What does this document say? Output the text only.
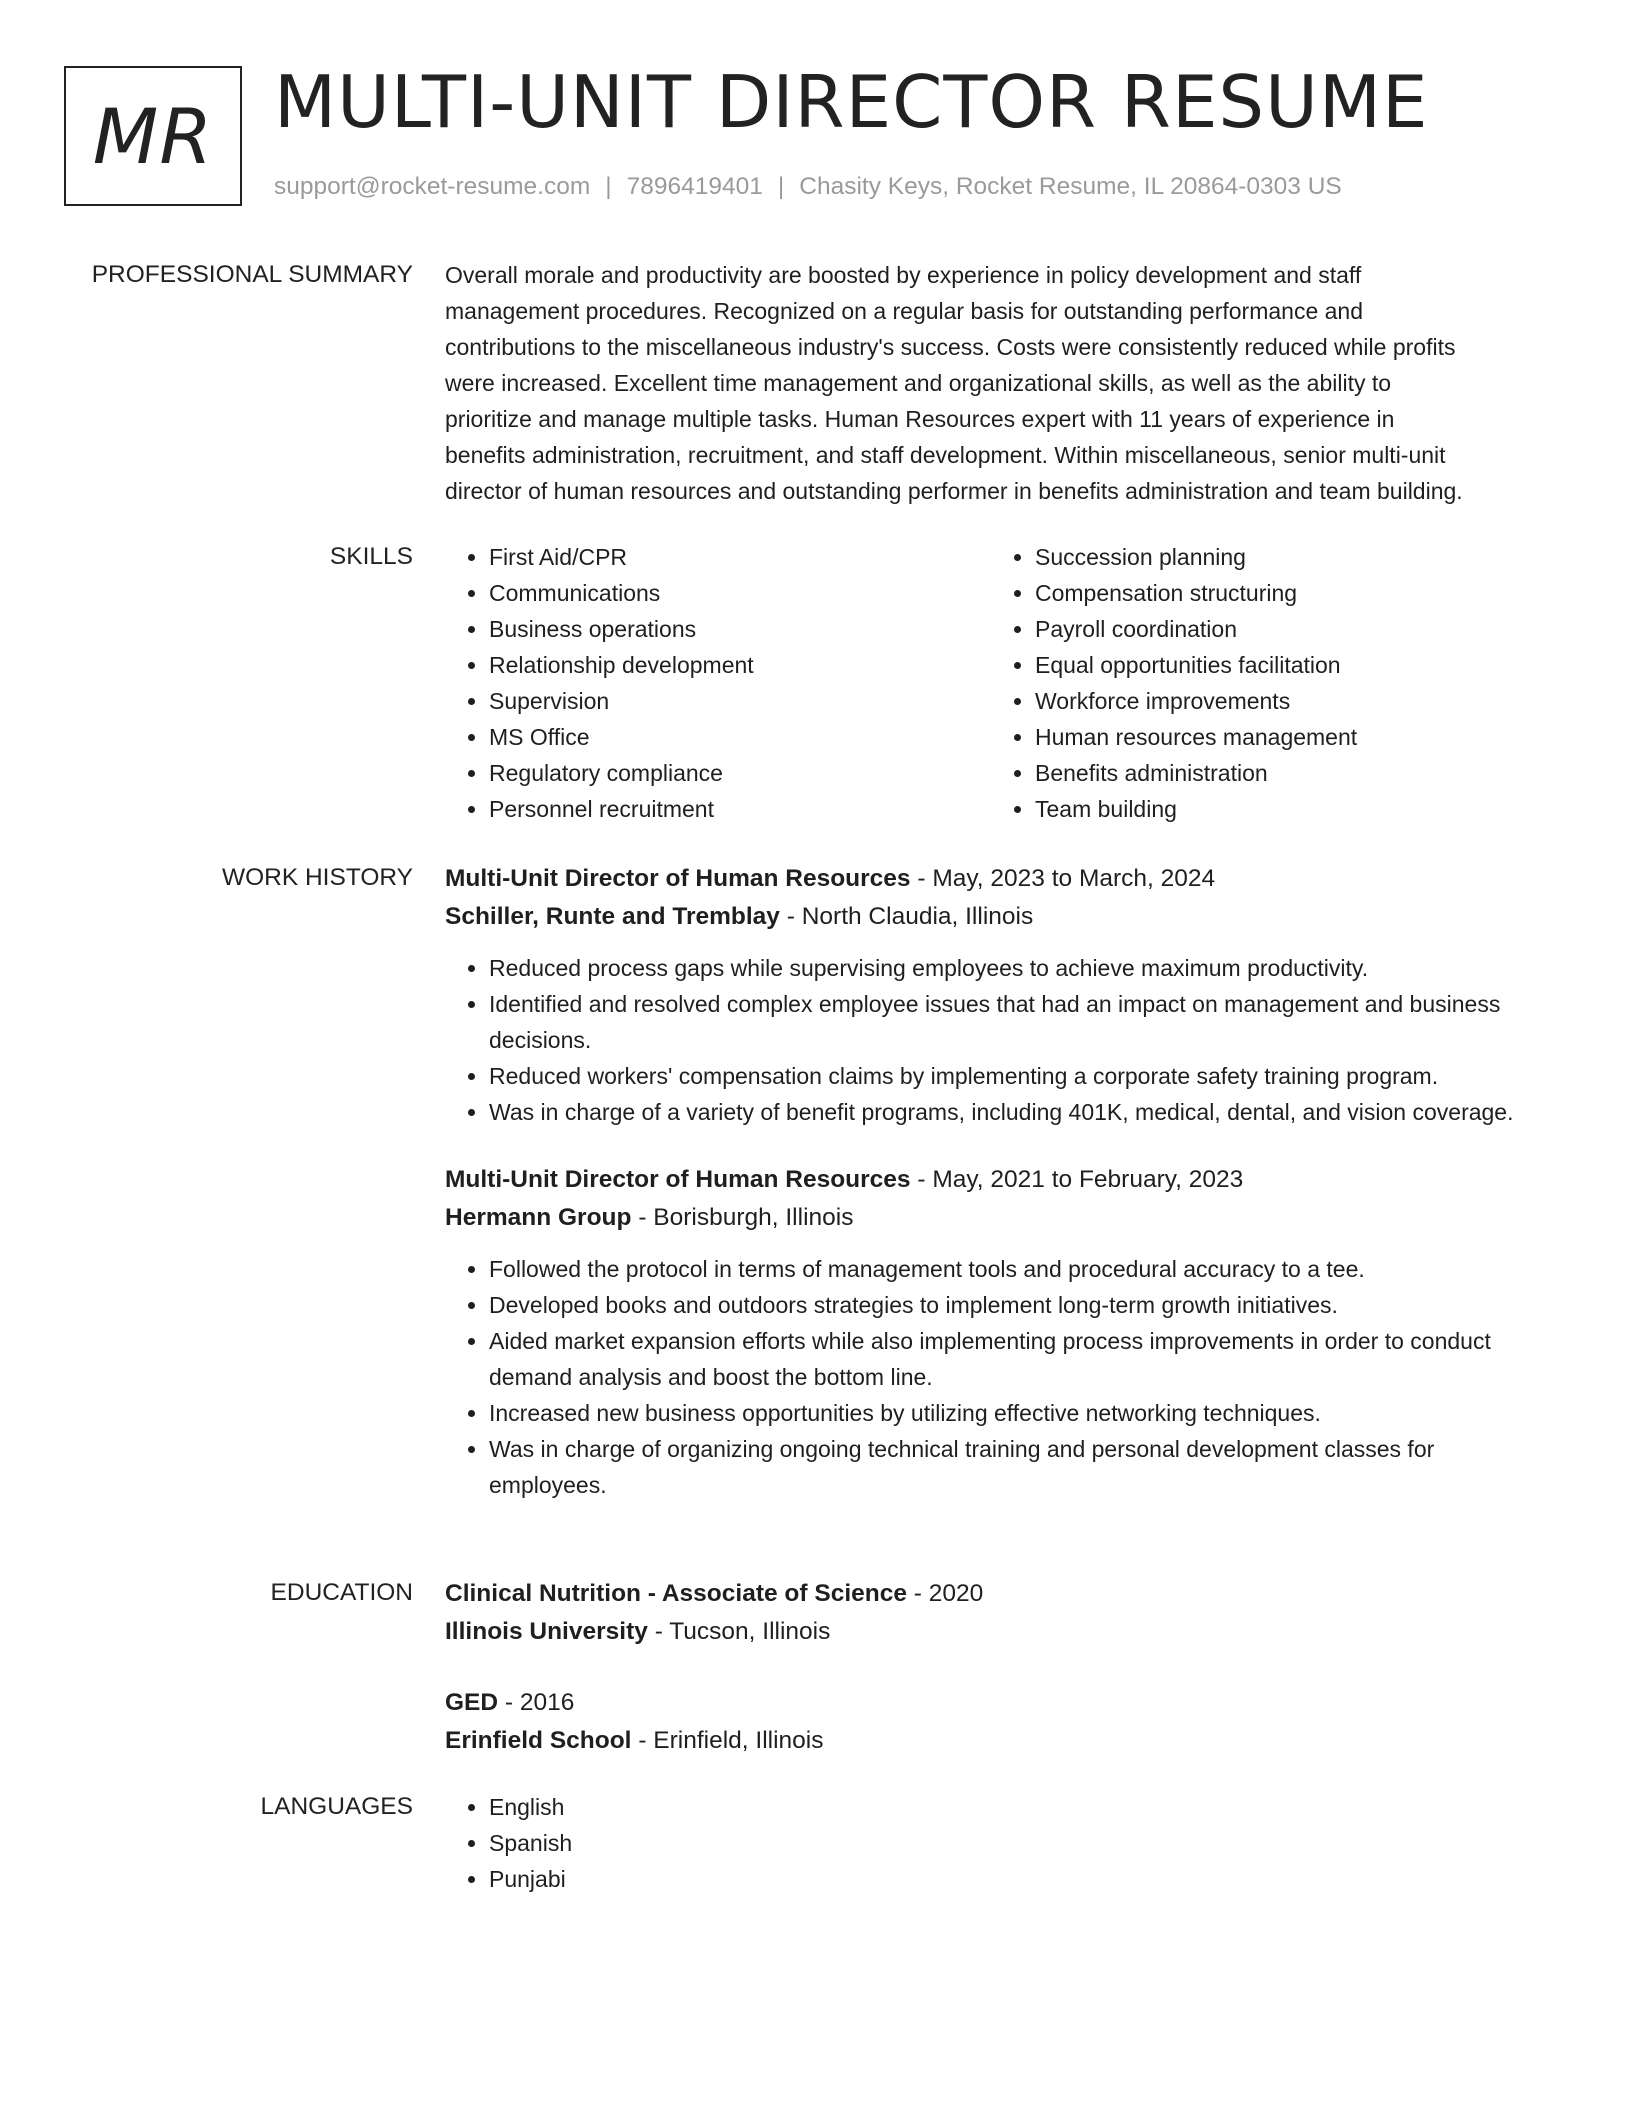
MR MULTI-UNIT DIRECTOR RESUME
support@rocket-resume.com | 7896419401 | Chasity Keys, Rocket Resume, IL 20864-0303 US
PROFESSIONAL SUMMARY Overall morale and productivity are boosted by experience in policy development and staff
management procedures. Recognized on a regular basis for outstanding performance and
contributions to the miscellaneous industry's success. Costs were consistently reduced while profits
were increased. Excellent time management and organizational skills, as well as the ability to
prioritize and manage multiple tasks. Human Resources expert with 11 years of experience in
benefits administration, recruitment, and staff development. Within miscellaneous, senior multi-unit
director of human resources and outstanding performer in benefits administration and team building.
SKILLS	• First Aid/CPR
• Communications
• Business operations
• Relationship development
• Supervision
• MS Office
• Regulatory compliance
• Personnel recruitment
• Succession planning
• Compensation structuring
• Payroll coordination
• Equal opportunities facilitation
• Workforce improvements
• Human resources management
• Benefits administration
• Team building
WORK HISTORY Multi-Unit Director of Human Resources - May, 2023 to March, 2024
Schiller, Runte and Tremblay - North Claudia, Illinois
• Reduced process gaps while supervising employees to achieve maximum productivity.
• Identified and resolved complex employee issues that had an impact on management and business decisions.
• Reduced workers' compensation claims by implementing a corporate safety training program.
• Was in charge of a variety of benefit programs, including 401K, medical, dental, and vision coverage.
Multi-Unit Director of Human Resources - May, 2021 to February, 2023
Hermann Group - Borisburgh, Illinois
• Followed the protocol in terms of management tools and procedural accuracy to a tee.
• Developed books and outdoors strategies to implement long-term growth initiatives.
• Aided market expansion efforts while also implementing process improvements in order to conduct demand analysis and boost the bottom line.
• Increased new business opportunities by utilizing effective networking techniques.
• Was in charge of organizing ongoing technical training and personal development classes for employees.
EDUCATION Clinical Nutrition - Associate of Science - 2020
Illinois University - Tucson, Illinois
GED - 2016
Erinfield School - Erinfield, Illinois
LANGUAGES	• English
• Spanish
• Punjabi
